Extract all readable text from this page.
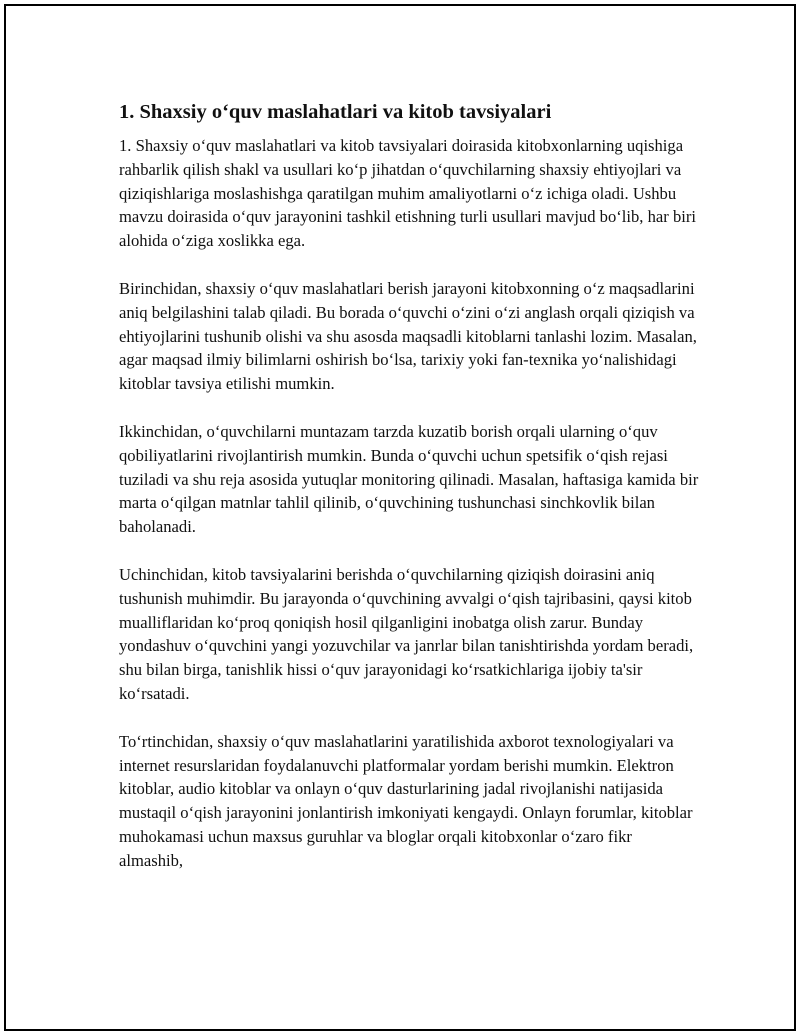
1. Shaxsiy o‘quv maslahatlari va kitob tavsiyalari

1. Shaxsiy o‘quv maslahatlari va kitob tavsiyalari doirasida kitobxonlarning uqishiga rahbarlik qilish shakl va usullari ko‘p jihatdan o‘quvchilarning shaxsiy ehtiyojlari va qiziqishlariga moslashishga qaratilgan muhim amaliyotlarni o‘z ichiga oladi. Ushbu mavzu doirasida o‘quv jarayonini tashkil etishning turli usullari mavjud bo‘lib, har biri alohida o‘ziga xoslikka ega.

Birinchidan, shaxsiy o‘quv maslahatlari berish jarayoni kitobxonning o‘z maqsadlarini aniq belgilashini talab qiladi. Bu borada o‘quvchi o‘zini o‘zi anglash orqali qiziqish va ehtiyojlarini tushunib olishi va shu asosda maqsadli kitoblarni tanlashi lozim. Masalan, agar maqsad ilmiy bilimlarni oshirish bo‘lsa, tarixiy yoki fan-texnika yo‘nalishidagi kitoblar tavsiya etilishi mumkin.

Ikkinchidan, o‘quvchilarni muntazam tarzda kuzatib borish orqali ularning o‘quv qobiliyatlarini rivojlantirish mumkin. Bunda o‘quvchi uchun spetsifik o‘qish rejasi tuziladi va shu reja asosida yutuqlar monitoring qilinadi. Masalan, haftasiga kamida bir marta o‘qilgan matnlar tahlil qilinib, o‘quvchining tushunchasi sinchkovlik bilan baholanadi.

Uchinchidan, kitob tavsiyalarini berishda o‘quvchilarning qiziqish doirasini aniq tushunish muhimdir. Bu jarayonda o‘quvchining avvalgi o‘qish tajribasini, qaysi kitob mualliflaridan ko‘proq qoniqish hosil qilganligini inobatga olish zarur. Bunday yondashuv o‘quvchini yangi yozuvchilar va janrlar bilan tanishtirishda yordam beradi, shu bilan birga, tanishlik hissi o‘quv jarayonidagi ko‘rsatkichlariga ijobiy ta'sir ko‘rsatadi.

To‘rtinchidan, shaxsiy o‘quv maslahatlarini yaratilishida axborot texnologiyalari va internet resurslaridan foydalanuvchi platformalar yordam berishi mumkin. Elektron kitoblar, audio kitoblar va onlayn o‘quv dasturlarining jadal rivojlanishi natijasida mustaqil o‘qish jarayonini jonlantirish imkoniyati kengaydi. Onlayn forumlar, kitoblar muhokamasi uchun maxsus guruhlar va bloglar orqali kitobxonlar o‘zaro fikr almashib,
